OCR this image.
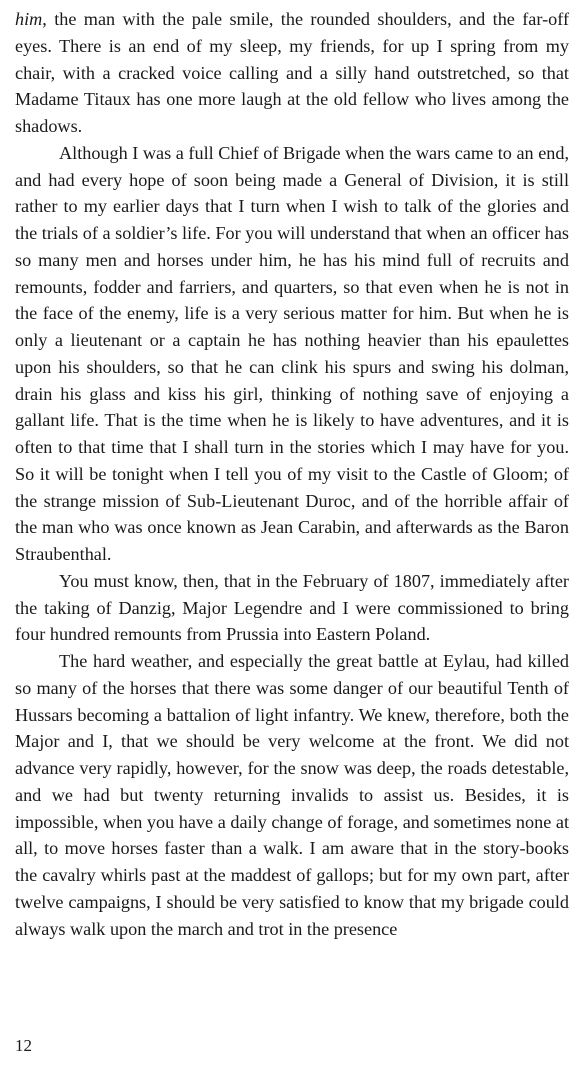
him, the man with the pale smile, the rounded shoulders, and the far-off eyes. There is an end of my sleep, my friends, for up I spring from my chair, with a cracked voice calling and a silly hand outstretched, so that Madame Titaux has one more laugh at the old fellow who lives among the shadows.

Although I was a full Chief of Brigade when the wars came to an end, and had every hope of soon being made a General of Division, it is still rather to my earlier days that I turn when I wish to talk of the glories and the trials of a soldier’s life. For you will understand that when an officer has so many men and horses under him, he has his mind full of recruits and remounts, fodder and farriers, and quarters, so that even when he is not in the face of the enemy, life is a very serious matter for him. But when he is only a lieutenant or a captain he has nothing heavier than his epaulettes upon his shoulders, so that he can clink his spurs and swing his dolman, drain his glass and kiss his girl, thinking of nothing save of enjoying a gallant life. That is the time when he is likely to have adventures, and it is often to that time that I shall turn in the stories which I may have for you. So it will be tonight when I tell you of my visit to the Castle of Gloom; of the strange mission of Sub-Lieutenant Duroc, and of the horrible affair of the man who was once known as Jean Carabin, and afterwards as the Baron Straubenthal.

You must know, then, that in the February of 1807, immediately after the taking of Danzig, Major Legendre and I were commissioned to bring four hundred remounts from Prussia into Eastern Poland.

The hard weather, and especially the great battle at Eylau, had killed so many of the horses that there was some danger of our beautiful Tenth of Hussars becoming a battalion of light infantry. We knew, therefore, both the Major and I, that we should be very welcome at the front. We did not advance very rapidly, however, for the snow was deep, the roads detestable, and we had but twenty returning invalids to assist us. Besides, it is impossible, when you have a daily change of forage, and sometimes none at all, to move horses faster than a walk. I am aware that in the story-books the cavalry whirls past at the maddest of gallops; but for my own part, after twelve campaigns, I should be very satisfied to know that my brigade could always walk upon the march and trot in the presence

12
